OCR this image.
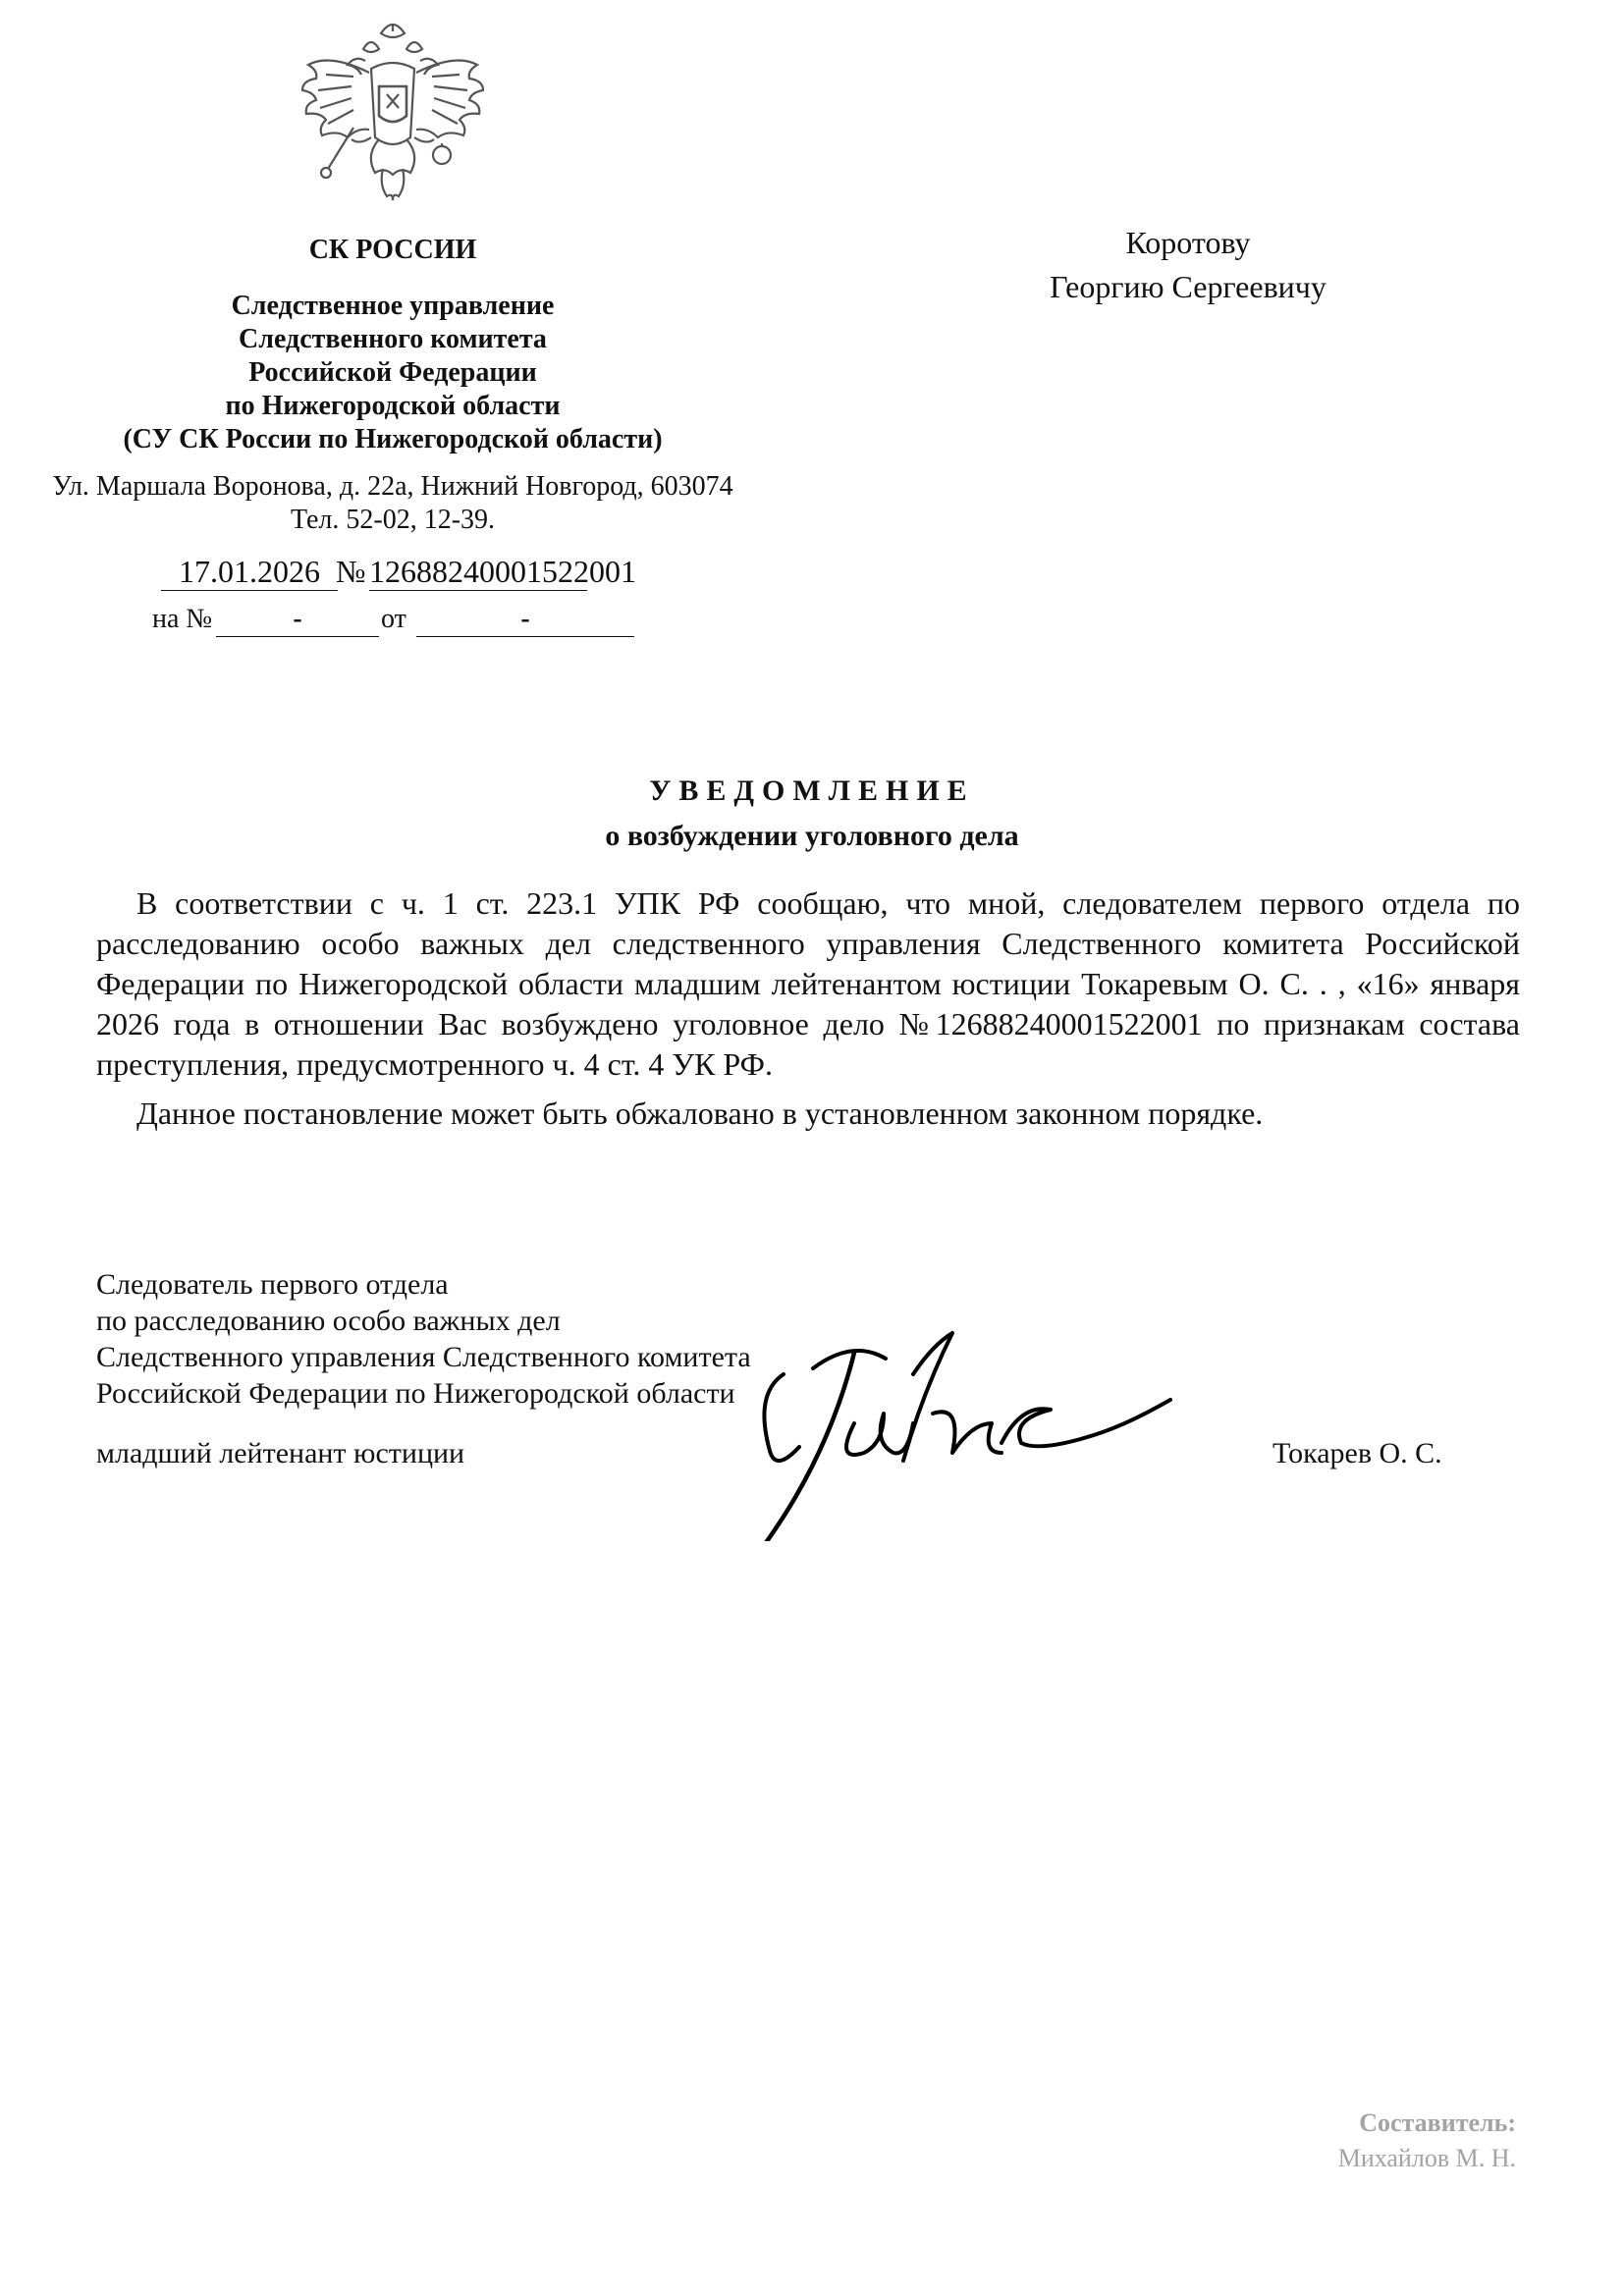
СК РОССИИ
Следственное управление
Следственного комитета
Российской Федерации
по Нижегородской области
(СУ СК России по Нижегородской области)
Ул. Маршала Воронова, д. 22а, Нижний Новгород, 603074
Тел. 52-02, 12-39.
17.01.2026 № 12688240001522001
на №	-	от	-
Коротову
Георгию Сергеевичу
УВЕДОМЛЕНИЕ
о возбуждении уголовного дела

В соответствии с ч. 1 ст. 223.1 УПК РФ сообщаю, что мной, следователем первого отдела по расследованию особо важных дел следственного управления Следственного комитета Российской Федерации по Нижегородской области младшим лейтенантом юстиции Токаревым О. С. . , «16» января 2026 года в отношении Вас возбуждено уголовное дело №12688240001522001 по признакам состава преступления, предусмотренного ч. 4 ст. 4 УК РФ.

Данное постановление может быть обжаловано в установленном законном порядке.

Следователь первого отдела
по расследованию особо важных дел
Следственного управления Следственного комитета
Российской Федерации по Нижегородской области
младший лейтенант юстиции	Токарев О. С.
Составитель:
Михайлов М. Н.
